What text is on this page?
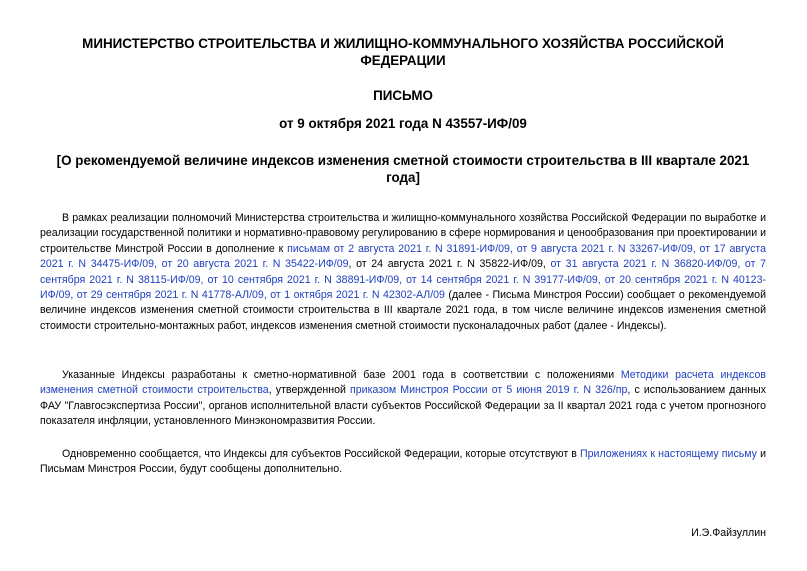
МИНИСТЕРСТВО СТРОИТЕЛЬСТВА И ЖИЛИЩНО-КОММУНАЛЬНОГО ХОЗЯЙСТВА РОССИЙСКОЙ ФЕДЕРАЦИИ

ПИСЬМО

от 9 октября 2021 года N 43557-ИФ/09

[О рекомендуемой величине индексов изменения сметной стоимости строительства в III квартале 2021 года]

В рамках реализации полномочий Министерства строительства и жилищно-коммунального хозяйства Российской Федерации по выработке и реализации государственной политики и нормативно-правовому регулированию в сфере нормирования и ценообразования при проектировании и строительстве Минстрой России в дополнение к письмам от 2 августа 2021 г. N 31891-ИФ/09, от 9 августа 2021 г. N 33267-ИФ/09, от 17 августа 2021 г. N 34475-ИФ/09, от 20 августа 2021 г. N 35422-ИФ/09, от 24 августа 2021 г. N 35822-ИФ/09, от 31 августа 2021 г. N 36820-ИФ/09, от 7 сентября 2021 г. N 38115-ИФ/09, от 10 сентября 2021 г. N 38891-ИФ/09, от 14 сентября 2021 г. N 39177-ИФ/09, от 20 сентября 2021 г. N 40123-ИФ/09, от 29 сентября 2021 г. N 41778-АЛ/09, от 1 октября 2021 г. N 42302-АЛ/09 (далее - Письма Минстроя России) сообщает о рекомендуемой величине индексов изменения сметной стоимости строительства в III квартале 2021 года, в том числе величине индексов изменения сметной стоимости строительно-монтажных работ, индексов изменения сметной стоимости пусконаладочных работ (далее - Индексы).

Указанные Индексы разработаны к сметно-нормативной базе 2001 года в соответствии с положениями Методики расчета индексов изменения сметной стоимости строительства, утвержденной приказом Минстроя России от 5 июня 2019 г. N 326/пр, с использованием данных ФАУ "Главгосэкспертиза России", органов исполнительной власти субъектов Российской Федерации за II квартал 2021 года с учетом прогнозного показателя инфляции, установленного Минэкономразвития России.

Одновременно сообщается, что Индексы для субъектов Российской Федерации, которые отсутствуют в Приложениях к настоящему письму и Письмам Минстроя России, будут сообщены дополнительно.

И.Э.Файзуллин
